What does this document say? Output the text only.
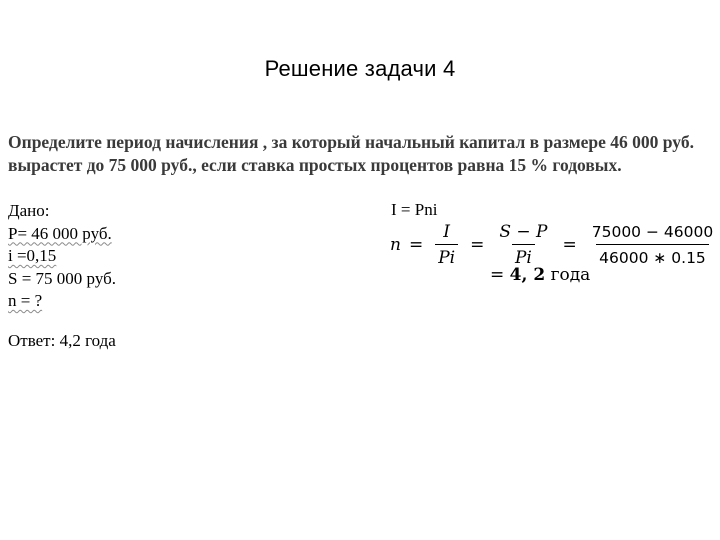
Решение задачи 4
Определите период начисления , за который начальный капитал в размере 46 000 руб.
вырастет до 75 000 руб., если ставка простых процентов равна 15 % годовых.
Дано:
P= 46 000 руб.
i =0,15
S = 75 000 руб.
n = ?
Ответ: 4,2 года
I = Pni
$n = \frac{I}{Pi} = \frac{S - P}{Pi} = \frac{75000 - 46000}{46000 ∗ 0.15}$
= 4, 2 года
